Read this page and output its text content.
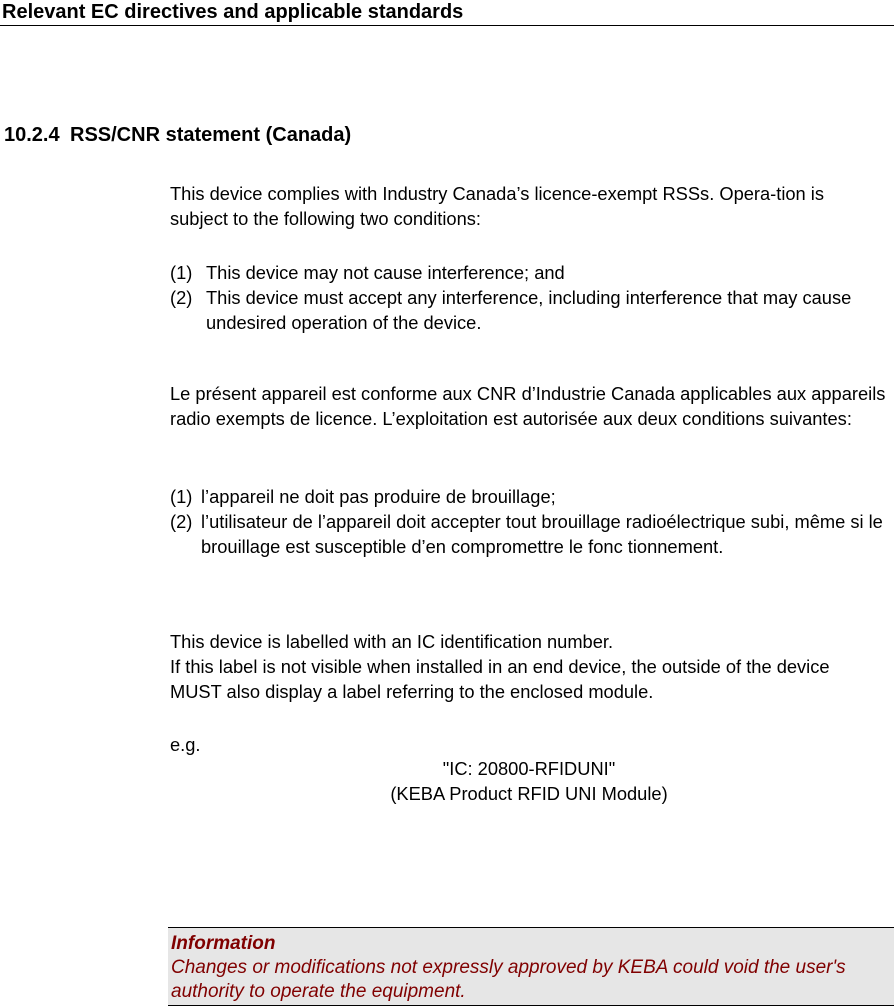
Relevant EC directives and applicable standards
10.2.4 RSS/CNR statement (Canada)

This device complies with Industry Canada’s licence-exempt RSSs. Opera-tion is subject to the following two conditions:

(1) This device may not cause interference; and
(2) This device must accept any interference, including interference that may cause undesired operation of the device.

Le présent appareil est conforme aux CNR d’Industrie Canada applicables aux appareils radio exempts de licence. L’exploitation est autorisée aux deux conditions suivantes:

(1) l’appareil ne doit pas produire de brouillage;
(2) l’utilisateur de l’appareil doit accepter tout brouillage radioélectrique subi, même si le brouillage est susceptible d’en compromettre le fonc tionnement.

This device is labelled with an IC identification number.

If this label is not visible when installed in an end device, the outside of the device MUST also display a label referring to the enclosed module.

e.g.
"IC: 20800-RFIDUNI"
(KEBA Product RFID UNI Module)
Information
Changes or modifications not expressly approved by KEBA could void the user's authority to operate the equipment.
